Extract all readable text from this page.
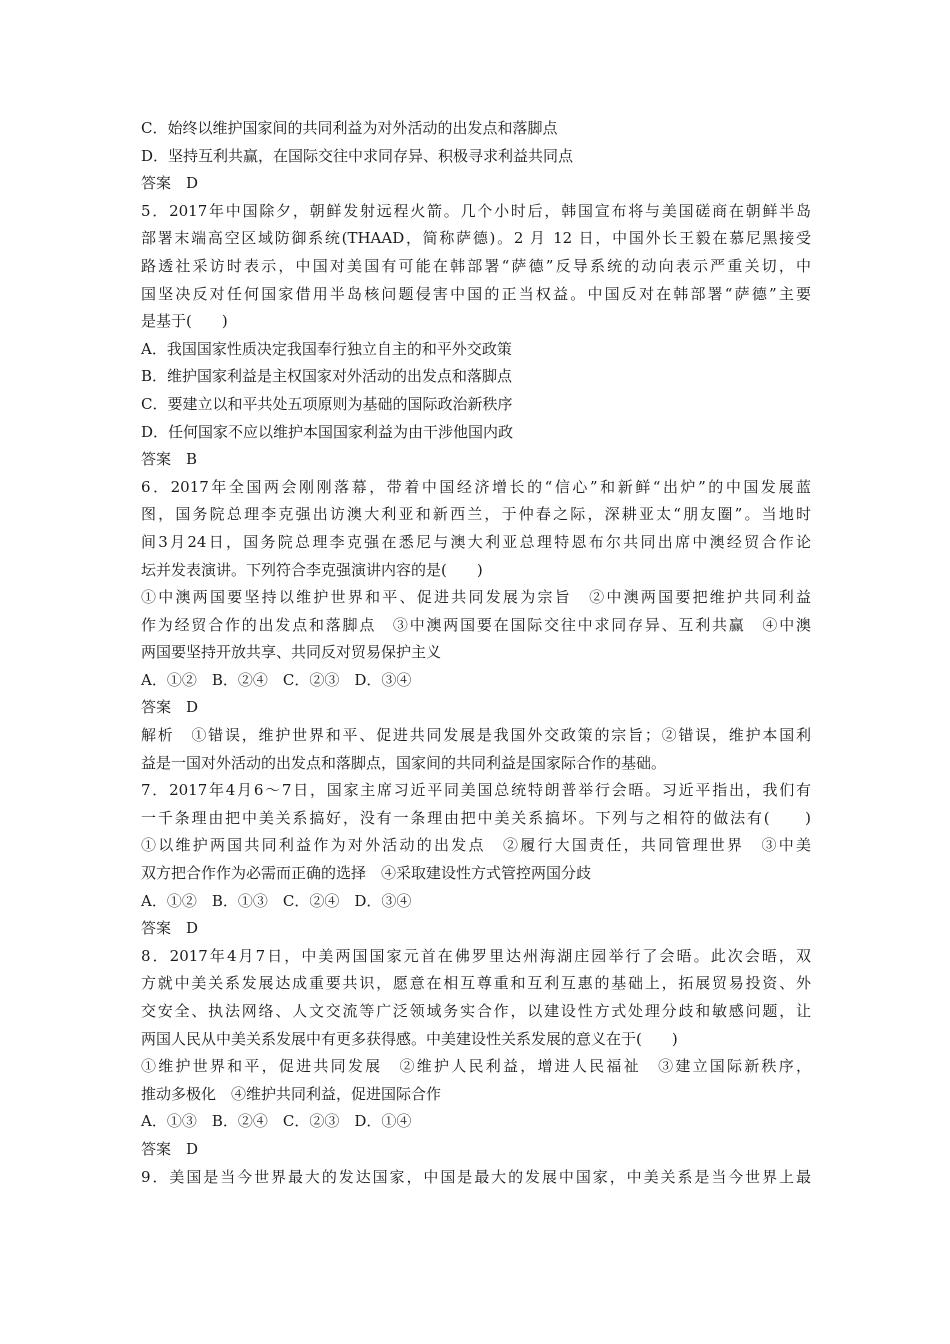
C．始终以维护国家间的共同利益为对外活动的出发点和落脚点
D．坚持互利共赢，在国际交往中求同存异、积极寻求利益共同点
答案　D
5．2017年中国除夕，朝鲜发射远程火箭。几个小时后，韩国宣布将与美国磋商在朝鲜半岛
部署末端高空区域防御系统(THAAD，简称萨德)。2 月 12 日，中国外长王毅在慕尼黑接受
路透社采访时表示，中国对美国有可能在韩部署“萨德”反导系统的动向表示严重关切，中
国坚决反对任何国家借用半岛核问题侵害中国的正当权益。中国反对在韩部署“萨德”主要
是基于(　　)
A．我国国家性质决定我国奉行独立自主的和平外交政策
B．维护国家利益是主权国家对外活动的出发点和落脚点
C．要建立以和平共处五项原则为基础的国际政治新秩序
D．任何国家不应以维护本国国家利益为由干涉他国内政
答案　B
6．2017年全国两会刚刚落幕，带着中国经济增长的“信心”和新鲜“出炉”的中国发展蓝
图，国务院总理李克强出访澳大利亚和新西兰，于仲春之际，深耕亚太“朋友圈”。当地时
间3月24日，国务院总理李克强在悉尼与澳大利亚总理特恩布尔共同出席中澳经贸合作论
坛并发表演讲。下列符合李克强演讲内容的是(　　)
①中澳两国要坚持以维护世界和平、促进共同发展为宗旨　②中澳两国要把维护共同利益
作为经贸合作的出发点和落脚点　③中澳两国要在国际交往中求同存异、互利共赢　④中澳
两国要坚持开放共享、共同反对贸易保护主义
A．①②　B．②④　C．②③　D．③④
答案　D
解析　①错误，维护世界和平、促进共同发展是我国外交政策的宗旨；②错误，维护本国利
益是一国对外活动的出发点和落脚点，国家间的共同利益是国家际合作的基础。
7．2017年4月6～7日，国家主席习近平同美国总统特朗普举行会晤。习近平指出，我们有
一千条理由把中美关系搞好，没有一条理由把中美关系搞坏。下列与之相符的做法有(　　)
①以维护两国共同利益作为对外活动的出发点　②履行大国责任，共同管理世界　③中美
双方把合作作为必需而正确的选择　④采取建设性方式管控两国分歧
A．①②　B．①③　C．②④　D．③④
答案　D
8．2017年4月7日，中美两国国家元首在佛罗里达州海湖庄园举行了会晤。此次会晤，双
方就中美关系发展达成重要共识，愿意在相互尊重和互利互惠的基础上，拓展贸易投资、外
交安全、执法网络、人文交流等广泛领域务实合作，以建设性方式处理分歧和敏感问题，让
两国人民从中美关系发展中有更多获得感。中美建设性关系发展的意义在于(　　)
①维护世界和平，促进共同发展　②维护人民利益，增进人民福祉　③建立国际新秩序，
推动多极化　④维护共同利益，促进国际合作
A．①③　B．②④　C．②③　D．①④
答案　D
9．美国是当今世界最大的发达国家，中国是最大的发展中国家，中美关系是当今世界上最
